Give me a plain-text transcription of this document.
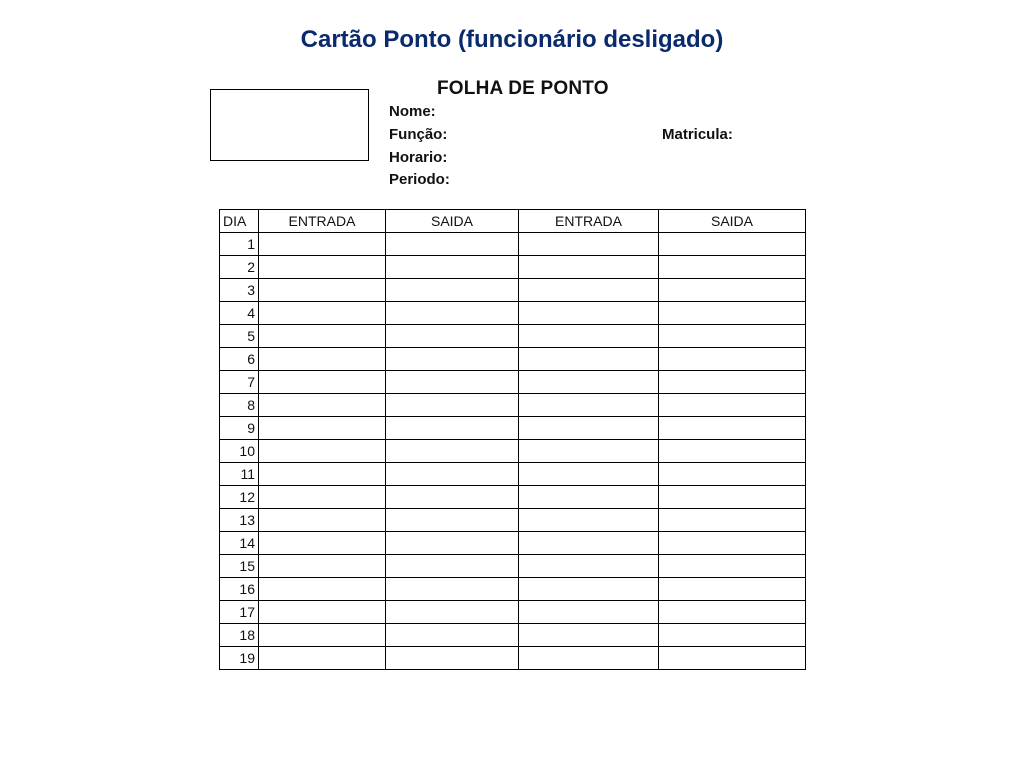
Cartão Ponto (funcionário desligado)
FOLHA DE PONTO
Nome:
Função:	Matricula:
Horario:
Periodo:
DIA	ENTRADA	SAIDA	ENTRADA	SAIDA
1				
2				
3				
4				
5				
6				
7				
8				
9				
10				
11				
12				
13				
14				
15				
16				
17				
18				
19				
